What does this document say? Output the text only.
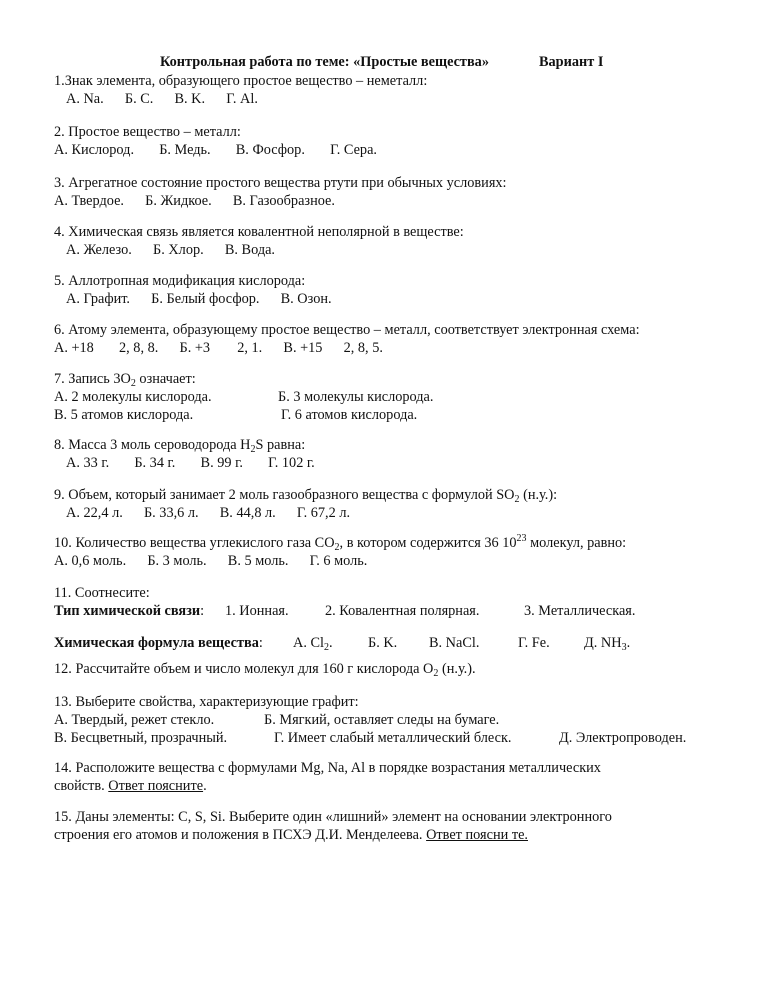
Контрольная работа по теме: «Простые вещества»	Вариант I
1.Знак элемента, образующего простое вещество – неметалл:
А. Na. Б. C. В. K. Г. Al.
2. Простое вещество – металл:
А. Кислород. Б. Медь. В. Фосфор. Г. Сера.
3. Агрегатное состояние простого вещества ртути при обычных условиях:
А. Твердое. Б. Жидкое. В. Газообразное.
4. Химическая связь является ковалентной неполярной в веществе:
А. Железо. Б. Хлор. В. Вода.
5. Аллотропная модификация кислорода:
А. Графит. Б. Белый фосфор. В. Озон.
6. Атому элемента, образующему простое вещество – металл, соответствует электронная схема:
А. +18 2, 8, 8. Б. +3 2, 1. В. +15 2, 8, 5.
7. Запись $3O_2$ означает:
А. 2 молекулы кислорода.	Б. 3 молекулы кислорода.
В. 5 атомов кислорода.	Г. 6 атомов кислорода.
8. Масса 3 моль сероводорода $H_2S$ равна:
А. 33 г. Б. 34 г. В. 99 г. Г. 102 г.
9. Объем, который занимает 2 моль газообразного вещества с формулой $SO_2$ (н.у.):
А. 22,4 л. Б. 33,6 л. В. 44,8 л. Г. 67,2 л.
10. Количество вещества углекислого газа $CO_2$, в котором содержится 36 $10^{23}$ молекул, равно:
А. 0,6 моль. Б. 3 моль. В. 5 моль. Г. 6 моль.
11. Соотнесите:
Тип химической связи: 1. Ионная.	2. Ковалентная полярная.	3. Металлическая.
Химическая формула вещества: А. $Cl_2$. Б. K. В. NaCl.	Г. Fe. Д. $NH_3$.
12. Рассчитайте объем и число молекул для 160 г кислорода $O_2$ (н.у.).
13. Выберите свойства, характеризующие графит:
А. Твердый, режет стекло.	Б. Мягкий, оставляет следы на бумаге.
В. Бесцветный, прозрачный.	Г. Имеет слабый металлический блеск.	Д. Электропроводен.
14. Расположите вещества с формулами Mg, Na, Al в порядке возрастания металлических
свойств. Ответ поясните.
15. Даны элементы: C, S, Si. Выберите один «лишний» элемент на основании электронного
строения его атомов и положения в ПСХЭ Д.И. Менделеева. Ответ поясни те.
